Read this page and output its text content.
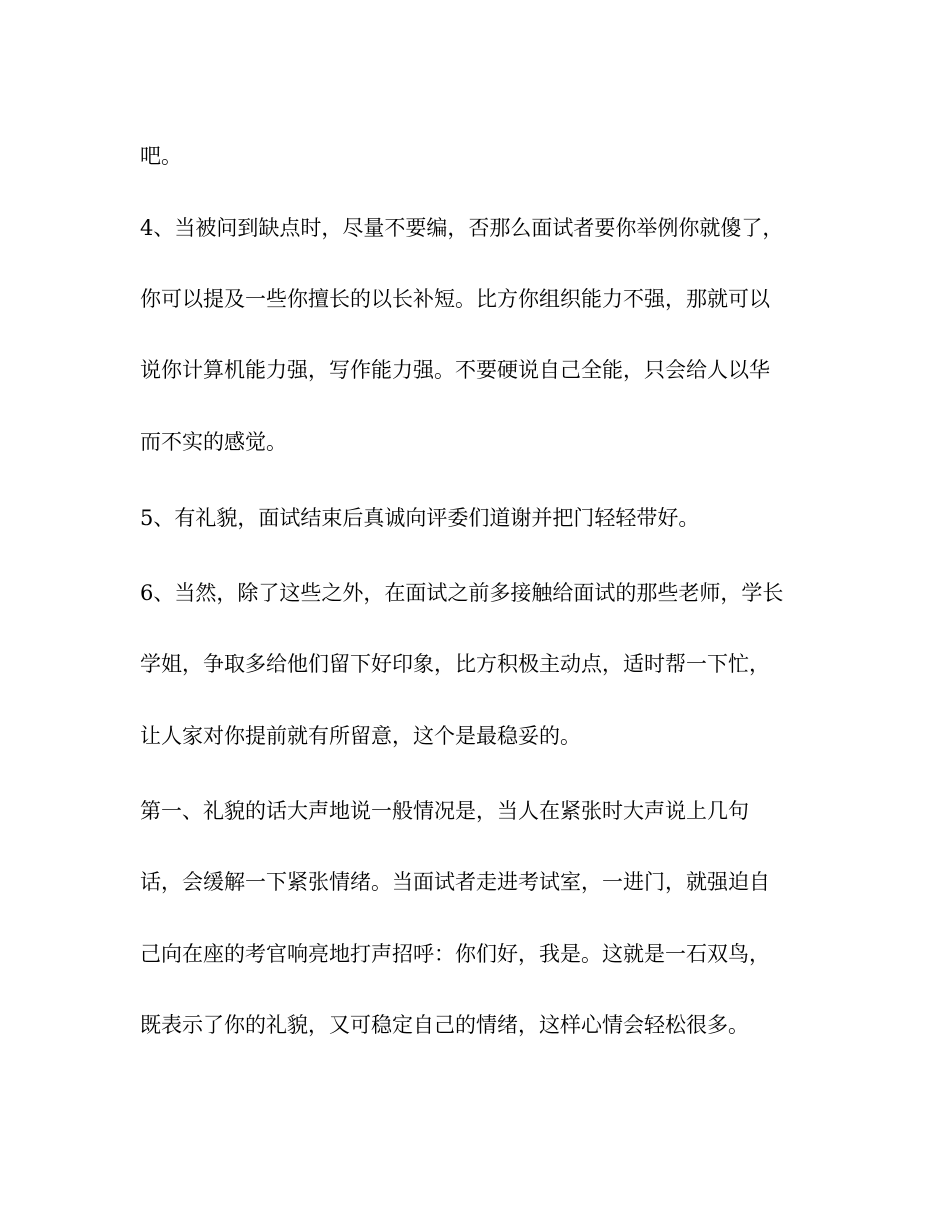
吧。
4、当被问到缺点时，尽量不要编，否那么面试者要你举例你就傻了，
你可以提及一些你擅长的以长补短。比方你组织能力不强，那就可以
说你计算机能力强，写作能力强。不要硬说自己全能，只会给人以华
而不实的感觉。
5、有礼貌，面试结束后真诚向评委们道谢并把门轻轻带好。
6、当然，除了这些之外，在面试之前多接触给面试的那些老师，学长
学姐，争取多给他们留下好印象，比方积极主动点，适时帮一下忙，
让人家对你提前就有所留意，这个是最稳妥的。
第一、礼貌的话大声地说一般情况是，当人在紧张时大声说上几句
话，会缓解一下紧张情绪。当面试者走进考试室，一进门，就强迫自
己向在座的考官响亮地打声招呼：你们好，我是。这就是一石双鸟，
既表示了你的礼貌，又可稳定自己的情绪，这样心情会轻松很多。
